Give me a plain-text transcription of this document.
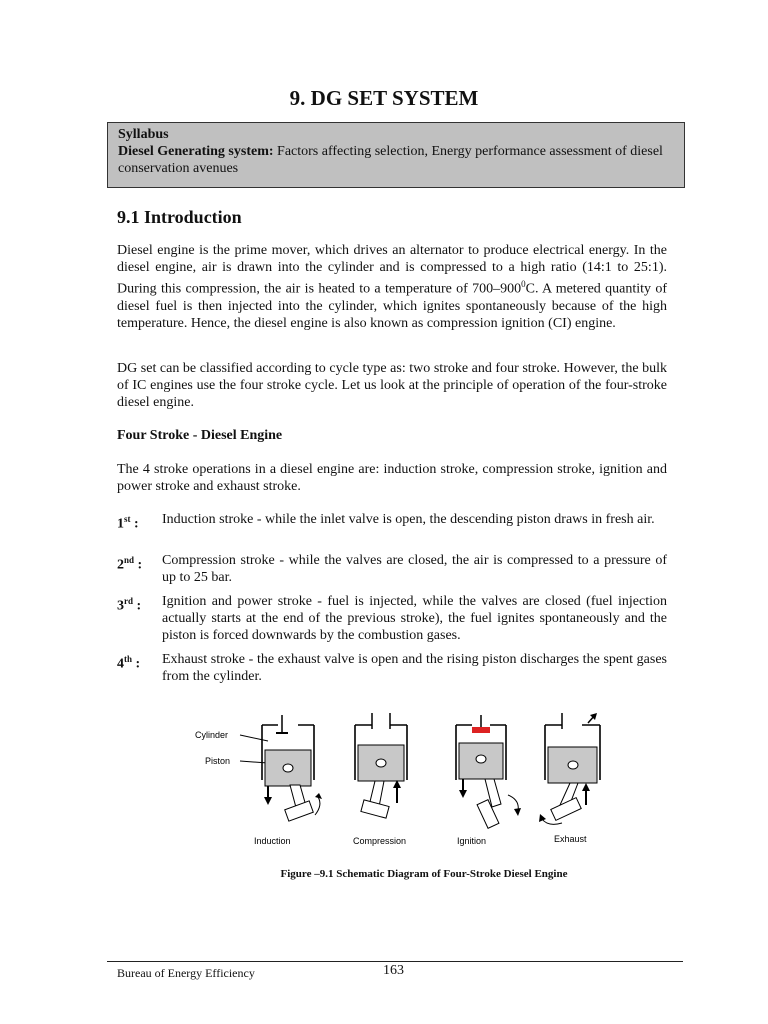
9. DG SET SYSTEM
Syllabus
Diesel Generating system: Factors affecting selection, Energy performance assessment of diesel conservation avenues
9.1 Introduction
Diesel engine is the prime mover, which drives an alternator to produce electrical energy. In the diesel engine, air is drawn into the cylinder and is compressed to a high ratio (14:1 to 25:1). During this compression, the air is heated to a temperature of $700-900^0C$. A metered quantity of diesel fuel is then injected into the cylinder, which ignites spontaneously because of the high temperature. Hence, the diesel engine is also known as compression ignition (CI) engine.
DG set can be classified according to cycle type as: two stroke and four stroke. However, the bulk of IC engines use the four stroke cycle. Let us look at the principle of operation of the four-stroke diesel engine.
Four Stroke - Diesel Engine
The 4 stroke operations in a diesel engine are: induction stroke, compression stroke, ignition and power stroke and exhaust stroke.
1st : Induction stroke - while the inlet valve is open, the descending piston draws in fresh air.
2nd : Compression stroke - while the valves are closed, the air is compressed to a pressure of up to 25 bar.
3rd : Ignition and power stroke - fuel is injected, while the valves are closed (fuel injection actually starts at the end of the previous stroke), the fuel ignites spontaneously and the piston is forced downwards by the combustion gases.
4th : Exhaust stroke - the exhaust valve is open and the rising piston discharges the spent gases from the cylinder.
Cylinder
Piston
Induction	Compression	Ignition	Exhaust
Figure –9.1 Schematic Diagram of Four-Stroke Diesel Engine
Bureau of Energy Efficiency	163
